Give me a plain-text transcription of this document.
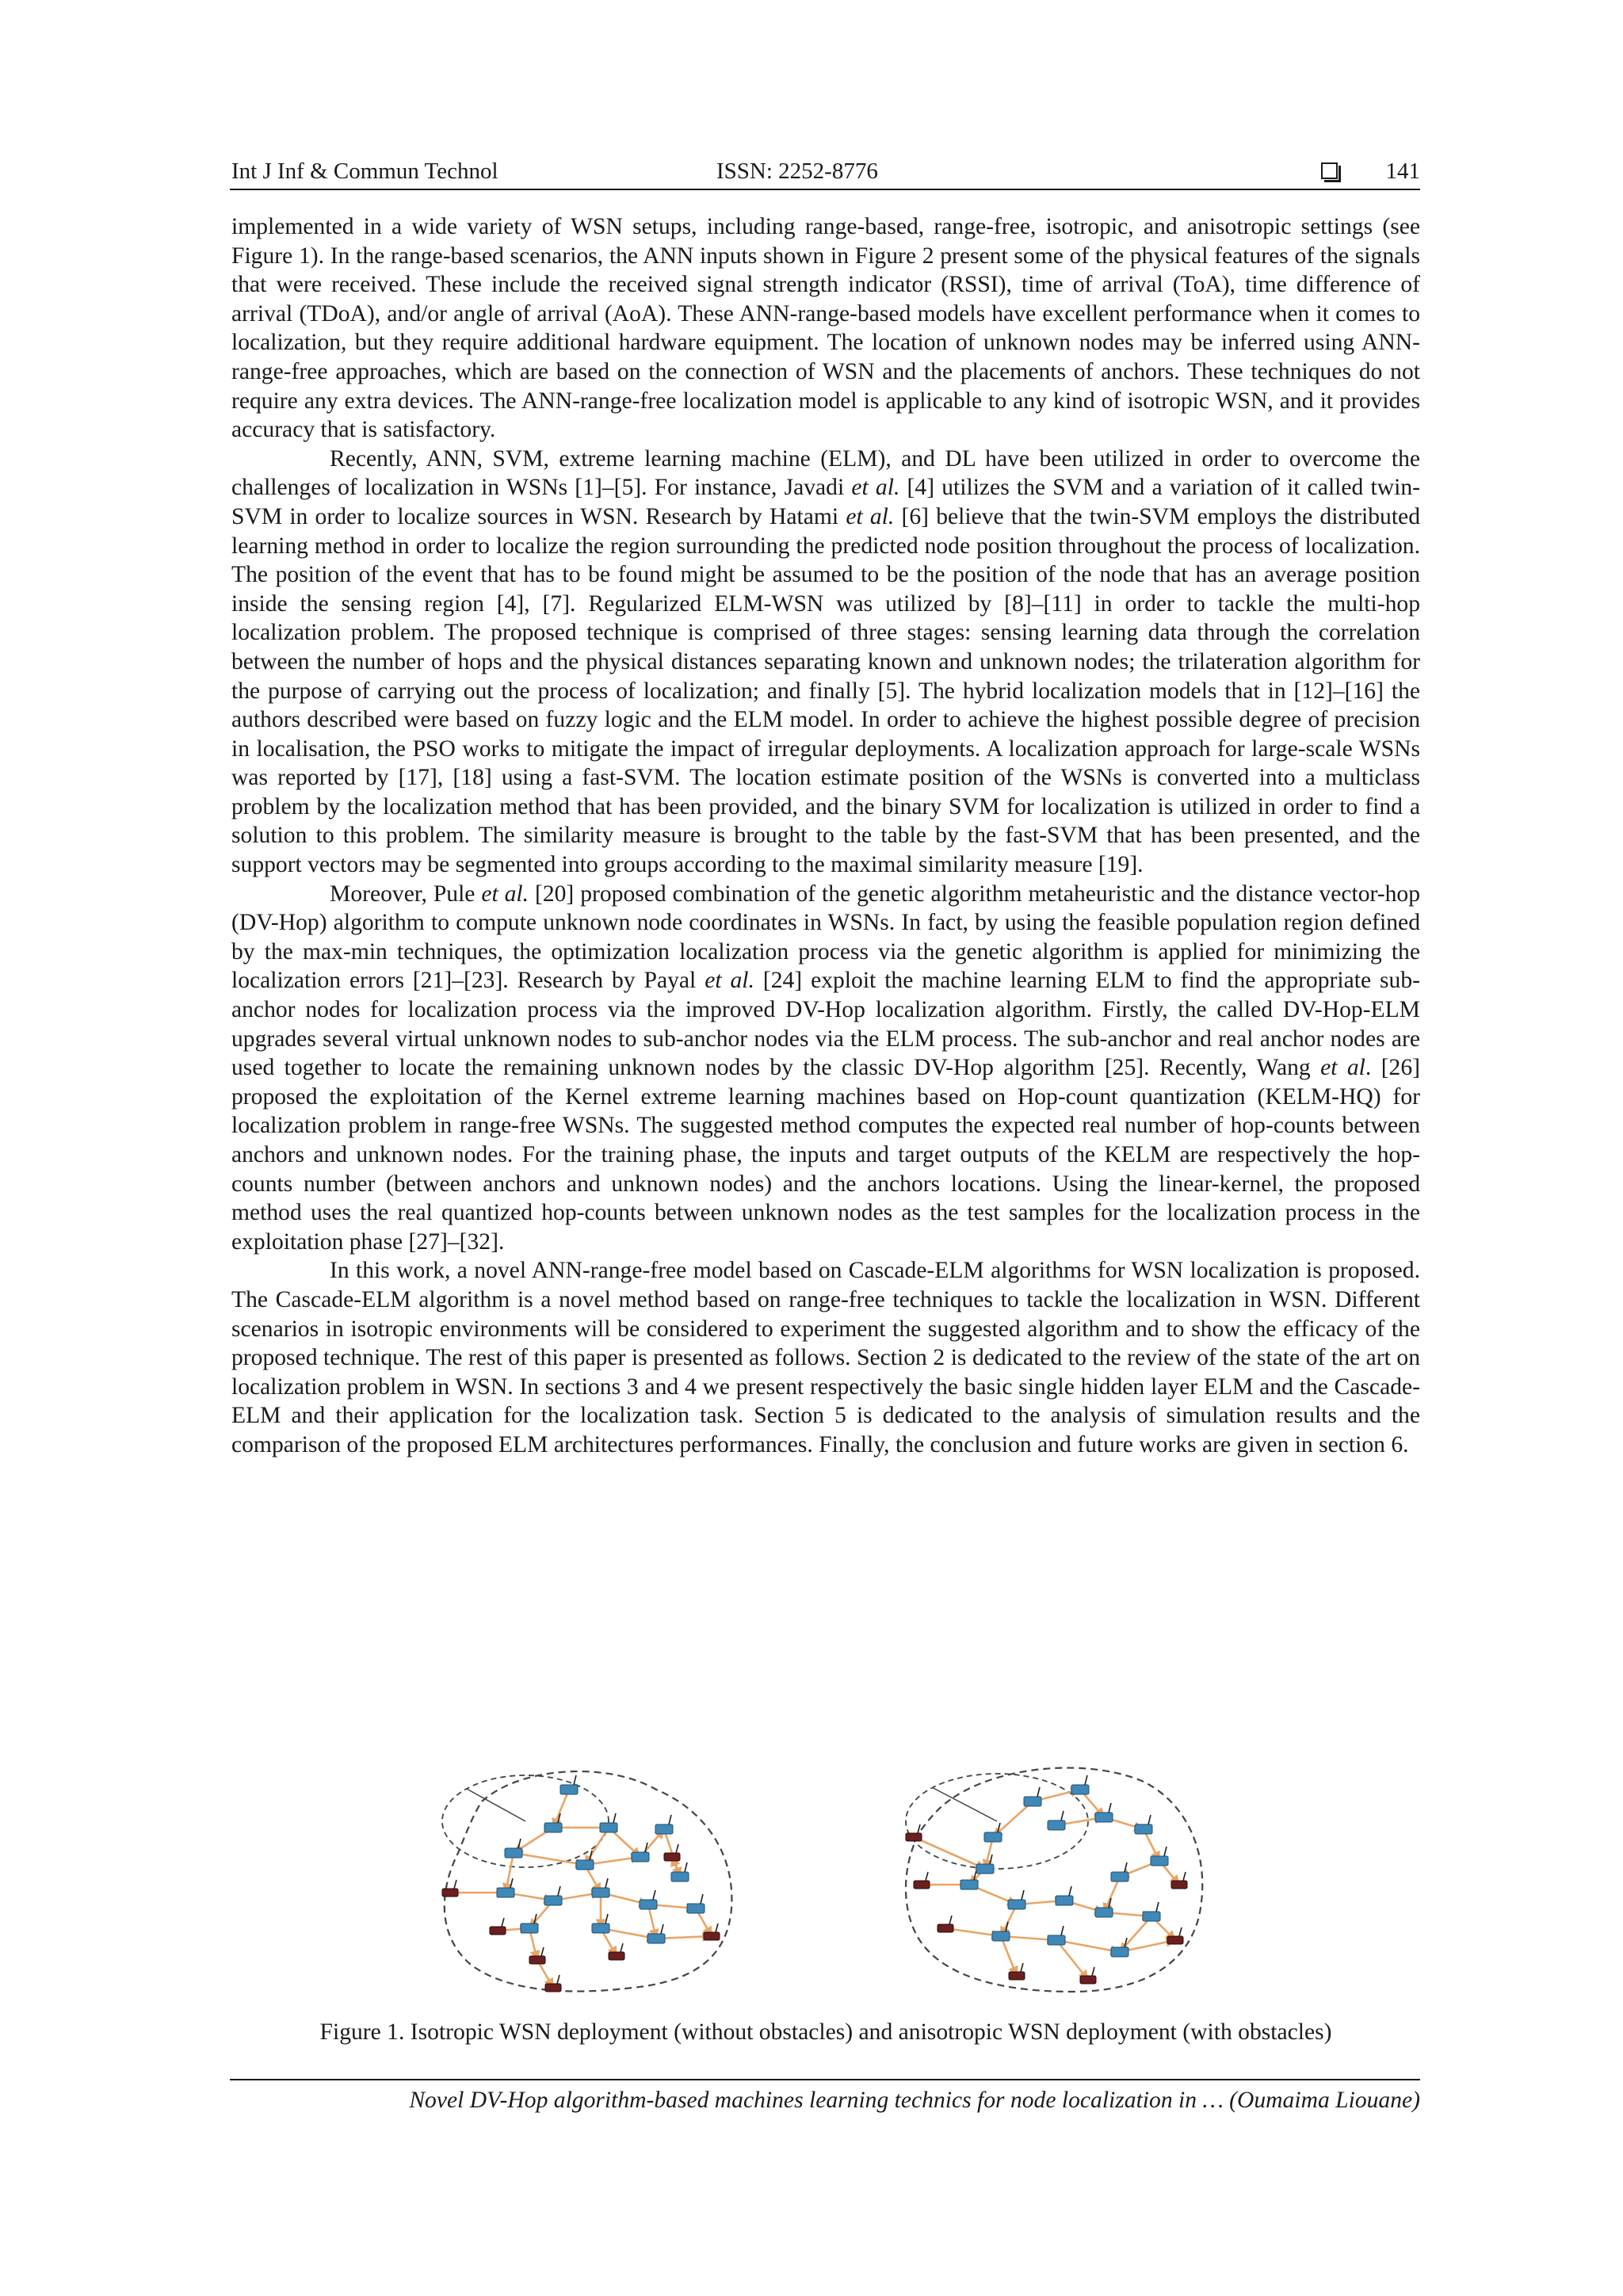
Int J Inf & Commun Technol	ISSN: 2252-8776	141

implemented in a wide variety of WSN setups, including range-based, range-free, isotropic, and anisotropic settings (see Figure 1). In the range-based scenarios, the ANN inputs shown in Figure 2 present some of the physical features of the signals that were received. These include the received signal strength indicator (RSSI), time of arrival (ToA), time difference of arrival (TDoA), and/or angle of arrival (AoA). These ANN-range-based models have excellent performance when it comes to localization, but they require additional hardware equipment. The location of unknown nodes may be inferred using ANN-range-free approaches, which are based on the connection of WSN and the placements of anchors. These techniques do not require any extra devices. The ANN-range-free localization model is applicable to any kind of isotropic WSN, and it provides accuracy that is satisfactory.

Recently, ANN, SVM, extreme learning machine (ELM), and DL have been utilized in order to overcome the challenges of localization in WSNs [1]–[5]. For instance, Javadi et al. [4] utilizes the SVM and a variation of it called twin-SVM in order to localize sources in WSN. Research by Hatami et al. [6] believe that the twin-SVM employs the distributed learning method in order to localize the region surrounding the predicted node position throughout the process of localization. The position of the event that has to be found might be assumed to be the position of the node that has an average position inside the sensing region [4], [7]. Regularized ELM-WSN was utilized by [8]–[11] in order to tackle the multi-hop localization problem. The proposed technique is comprised of three stages: sensing learning data through the correlation between the number of hops and the physical distances separating known and unknown nodes; the trilateration algorithm for the purpose of carrying out the process of localization; and finally [5]. The hybrid localization models that in [12]–[16] the authors described were based on fuzzy logic and the ELM model. In order to achieve the highest possible degree of precision in localisation, the PSO works to mitigate the impact of irregular deployments. A localization approach for large-scale WSNs was reported by [17], [18] using a fast-SVM. The location estimate position of the WSNs is converted into a multiclass problem by the localization method that has been provided, and the binary SVM for localization is utilized in order to find a solution to this problem. The similarity measure is brought to the table by the fast-SVM that has been presented, and the support vectors may be segmented into groups according to the maximal similarity measure [19].

Moreover, Pule et al. [20] proposed combination of the genetic algorithm metaheuristic and the distance vector-hop (DV-Hop) algorithm to compute unknown node coordinates in WSNs. In fact, by using the feasible population region defined by the max-min techniques, the optimization localization process via the genetic algorithm is applied for minimizing the localization errors [21]–[23]. Research by Payal et al. [24] exploit the machine learning ELM to find the appropriate sub-anchor nodes for localization process via the improved DV-Hop localization algorithm. Firstly, the called DV-Hop-ELM upgrades several virtual unknown nodes to sub-anchor nodes via the ELM process. The sub-anchor and real anchor nodes are used together to locate the remaining unknown nodes by the classic DV-Hop algorithm [25]. Recently, Wang et al. [26] proposed the exploitation of the Kernel extreme learning machines based on Hop-count quantization (KELM-HQ) for localization problem in range-free WSNs. The suggested method computes the expected real number of hop-counts between anchors and unknown nodes. For the training phase, the inputs and target outputs of the KELM are respectively the hop-counts number (between anchors and unknown nodes) and the anchors locations. Using the linear-kernel, the proposed method uses the real quantized hop-counts between unknown nodes as the test samples for the localization process in the exploitation phase [27]–[32].

In this work, a novel ANN-range-free model based on Cascade-ELM algorithms for WSN localization is proposed. The Cascade-ELM algorithm is a novel method based on range-free techniques to tackle the localization in WSN. Different scenarios in isotropic environments will be considered to experiment the suggested algorithm and to show the efficacy of the proposed technique. The rest of this paper is presented as follows. Section 2 is dedicated to the review of the state of the art on localization problem in WSN. In sections 3 and 4 we present respectively the basic single hidden layer ELM and the Cascade-ELM and their application for the localization task. Section 5 is dedicated to the analysis of simulation results and the comparison of the proposed ELM architectures performances. Finally, the conclusion and future works are given in section 6.

Figure 1. Isotropic WSN deployment (without obstacles) and anisotropic WSN deployment (with obstacles)
Novel DV-Hop algorithm-based machines learning technics for node localization in … (Oumaima Liouane)
